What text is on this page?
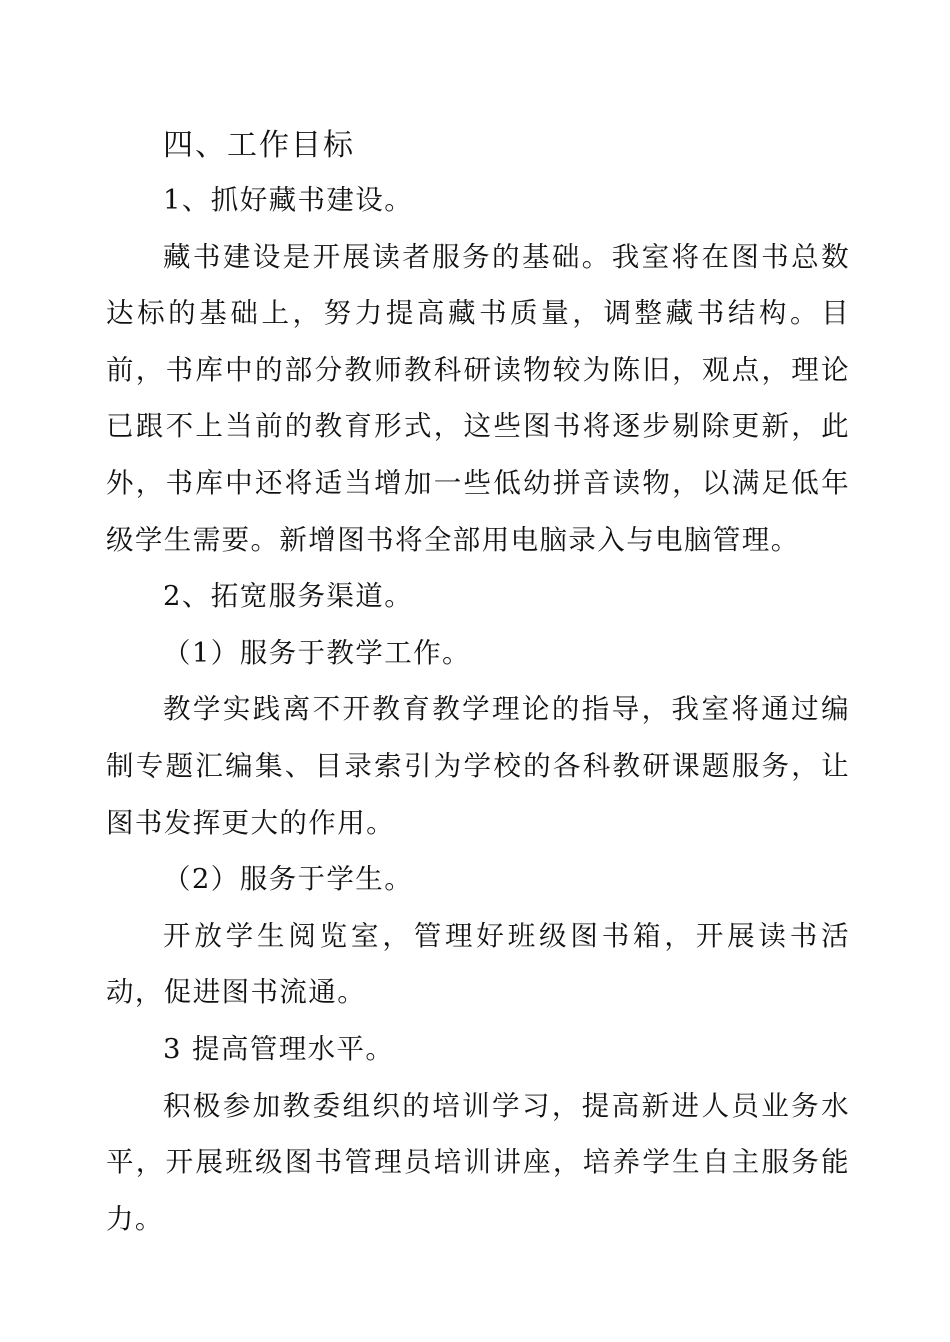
四、工作目标

1、抓好藏书建设。

藏书建设是开展读者服务的基础。我室将在图书总数达标的基础上，努力提高藏书质量，调整藏书结构。目前，书库中的部分教师教科研读物较为陈旧，观点，理论已跟不上当前的教育形式，这些图书将逐步剔除更新，此外，书库中还将适当增加一些低幼拼音读物，以满足低年级学生需要。新增图书将全部用电脑录入与电脑管理。

2、拓宽服务渠道。

（1）服务于教学工作。

教学实践离不开教育教学理论的指导，我室将通过编制专题汇编集、目录索引为学校的各科教研课题服务，让图书发挥更大的作用。

（2）服务于学生。

开放学生阅览室，管理好班级图书箱，开展读书活动，促进图书流通。

3 提高管理水平。

积极参加教委组织的培训学习，提高新进人员业务水平，开展班级图书管理员培训讲座，培养学生自主服务能力。
